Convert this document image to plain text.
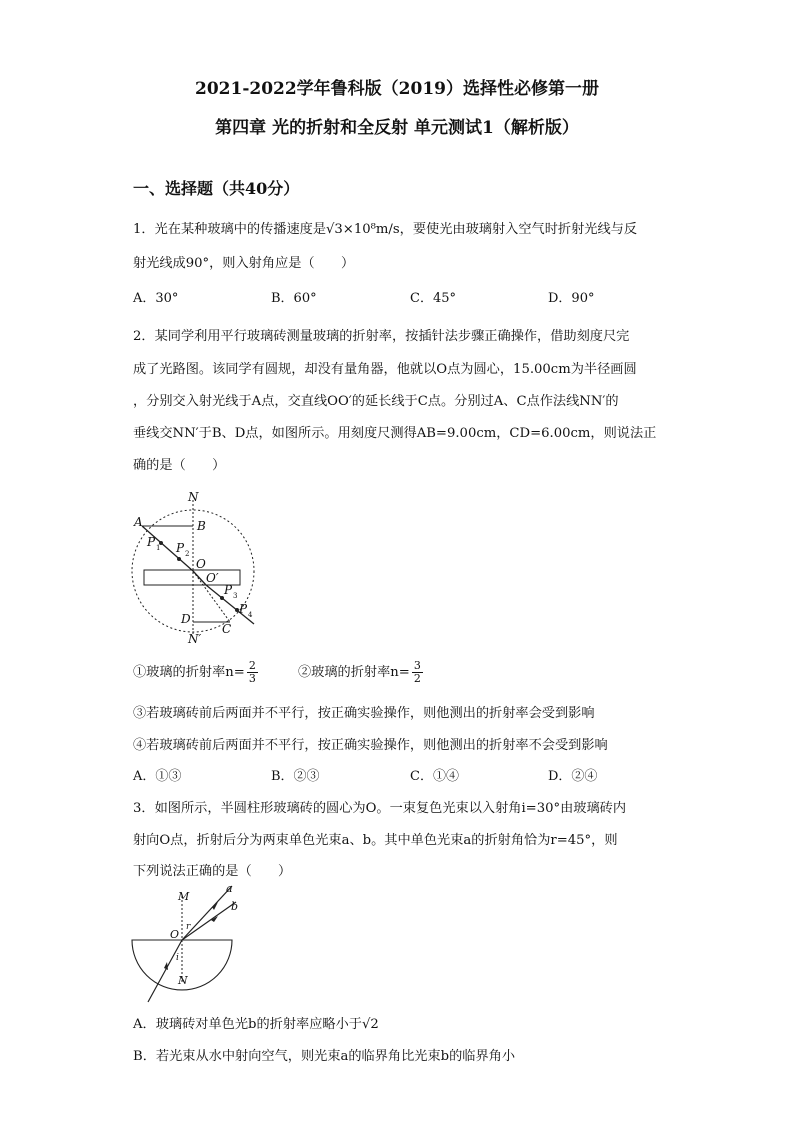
2021-2022学年鲁科版（2019）选择性必修第一册
第四章 光的折射和全反射 单元测试1（解析版）
一、选择题（共40分）
1．光在某种玻璃中的传播速度是√3×10⁸m/s，要使光由玻璃射入空气时折射光线与反
射光线成90°，则入射角应是（　　）
A．30°	B．60°	C．45°	D．90°
2．某同学利用平行玻璃砖测量玻璃的折射率，按插针法步骤正确操作，借助刻度尺完
成了光路图。该同学有圆规，却没有量角器，他就以O点为圆心，15.00cm为半径画圆
，分别交入射光线于A点，交直线OO′的延长线于C点。分别过A、C点作法线NN′的
垂线交NN′于B、D点，如图所示。用刻度尺测得AB=9.00cm，CD=6.00cm，则说法正
确的是（　　）
N
A	B
P 1 P 2
O
O′
P 3
P 4
D
C
N′
①玻璃的折射率$n= \frac{2}{3}$	②玻璃的折射率$n= \frac{3}{2}$
③若玻璃砖前后两面并不平行，按正确实验操作，则他测出的折射率会受到影响
④若玻璃砖前后两面并不平行，按正确实验操作，则他测出的折射率不会受到影响
A．①③	B．②③	C．①④	D．②④
3．如图所示，半圆柱形玻璃砖的圆心为O。一束复色光束以入射角i=30°由玻璃砖内
射向O点，折射后分为两束单色光束a、b。其中单色光束a的折射角恰为r=45°，则
下列说法正确的是（　　）
M
a
b
O
r
i
N
A．玻璃砖对单色光b的折射率应略小于√2
B．若光束从水中射向空气，则光束a的临界角比光束b的临界角小
